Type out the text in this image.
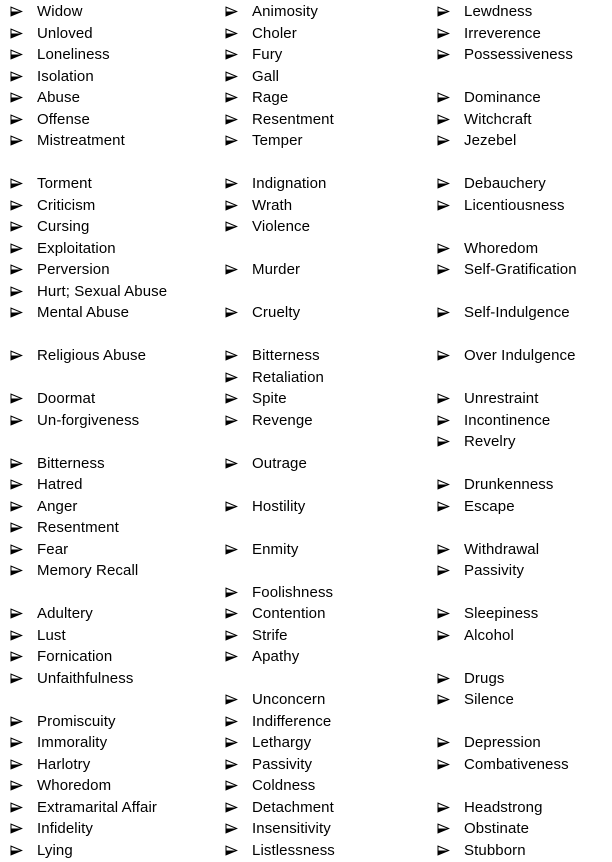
Widow
Unloved
Loneliness
Isolation
Abuse
Offense
Mistreatment
Torment
Criticism
Cursing
Exploitation
Perversion
Hurt; Sexual Abuse
Mental Abuse
Religious Abuse
Doormat
Un-forgiveness
Bitterness
Hatred
Anger
Resentment
Fear
Memory Recall
Adultery
Lust
Fornication
Unfaithfulness
Promiscuity
Immorality
Harlotry
Whoredom
Extramarital Affair
Infidelity
Lying
Animosity
Choler
Fury
Gall
Rage
Resentment
Temper
Indignation
Wrath
Violence
Murder
Cruelty
Bitterness
Retaliation
Spite
Revenge
Outrage
Hostility
Enmity
Foolishness
Contention
Strife
Apathy
Unconcern
Indifference
Lethargy
Passivity
Coldness
Detachment
Insensitivity
Listlessness
Lewdness
Irreverence
Possessiveness
Dominance
Witchcraft
Jezebel
Debauchery
Licentiousness
Whoredom
Self-Gratification
Self-Indulgence
Over Indulgence
Unrestraint
Incontinence
Revelry
Drunkenness
Escape
Withdrawal
Passivity
Sleepiness
Alcohol
Drugs
Silence
Depression
Combativeness
Headstrong
Obstinate
Stubborn
